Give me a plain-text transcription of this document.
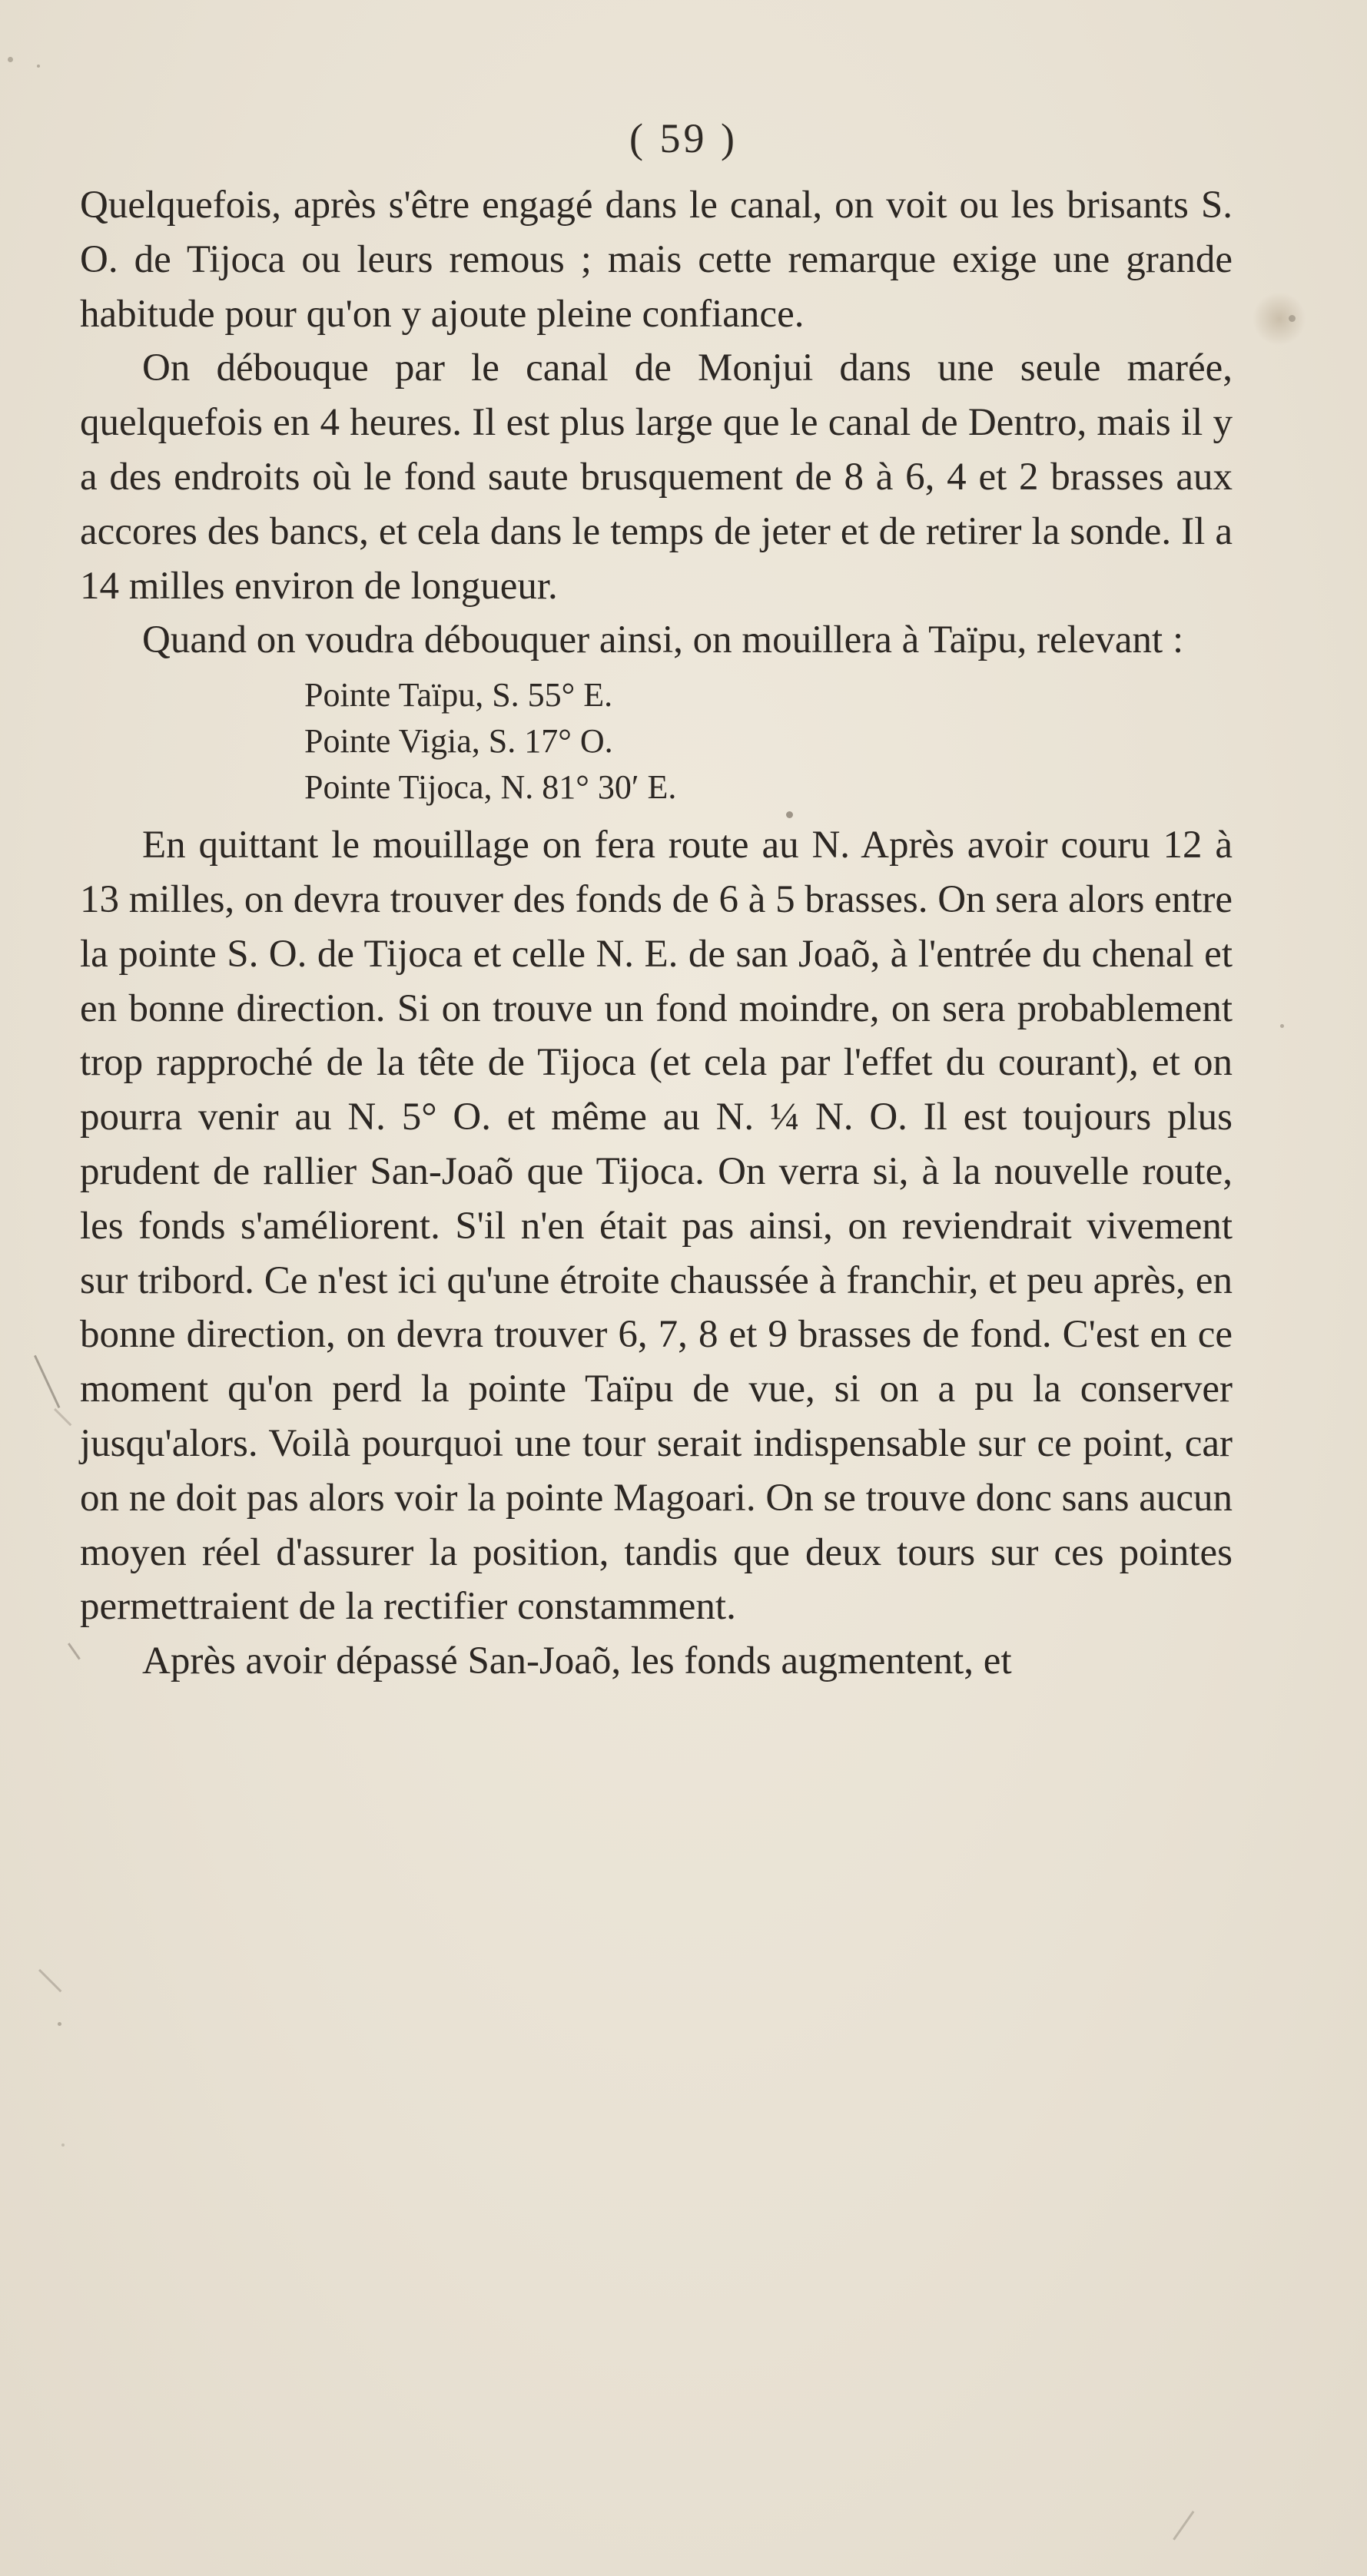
( 59 )

Quelquefois, après s'être engagé dans le canal, on voit ou les brisants S. O. de Tijoca ou leurs remous ; mais cette remarque exige une grande habitude pour qu'on y ajoute pleine confiance.

On débouque par le canal de Monjui dans une seule marée, quelquefois en 4 heures. Il est plus large que le canal de Dentro, mais il y a des endroits où le fond saute brusquement de 8 à 6, 4 et 2 brasses aux accores des bancs, et cela dans le temps de jeter et de retirer la sonde. Il a 14 milles environ de longueur.

Quand on voudra débouquer ainsi, on mouillera à Taïpu, relevant :

Pointe Taïpu, S. 55° E.
Pointe Vigia, S. 17° O.
Pointe Tijoca, N. 81° 30′ E.

En quittant le mouillage on fera route au N. Après avoir couru 12 à 13 milles, on devra trouver des fonds de 6 à 5 brasses. On sera alors entre la pointe S. O. de Tijoca et celle N. E. de san Joaõ, à l'entrée du chenal et en bonne direction. Si on trouve un fond moindre, on sera probablement trop rapproché de la tête de Tijoca (et cela par l'effet du courant), et on pourra venir au N. 5° O. et même au N. ¼ N. O. Il est toujours plus prudent de rallier San-Joaõ que Tijoca. On verra si, à la nouvelle route, les fonds s'améliorent. S'il n'en était pas ainsi, on reviendrait vivement sur tribord. Ce n'est ici qu'une étroite chaussée à franchir, et peu après, en bonne direction, on devra trouver 6, 7, 8 et 9 brasses de fond. C'est en ce moment qu'on perd la pointe Taïpu de vue, si on a pu la conserver jusqu'alors. Voilà pourquoi une tour serait indispensable sur ce point, car on ne doit pas alors voir la pointe Magoari. On se trouve donc sans aucun moyen réel d'assurer la position, tandis que deux tours sur ces pointes permettraient de la rectifier constamment.

Après avoir dépassé San-Joaõ, les fonds augmentent, et
